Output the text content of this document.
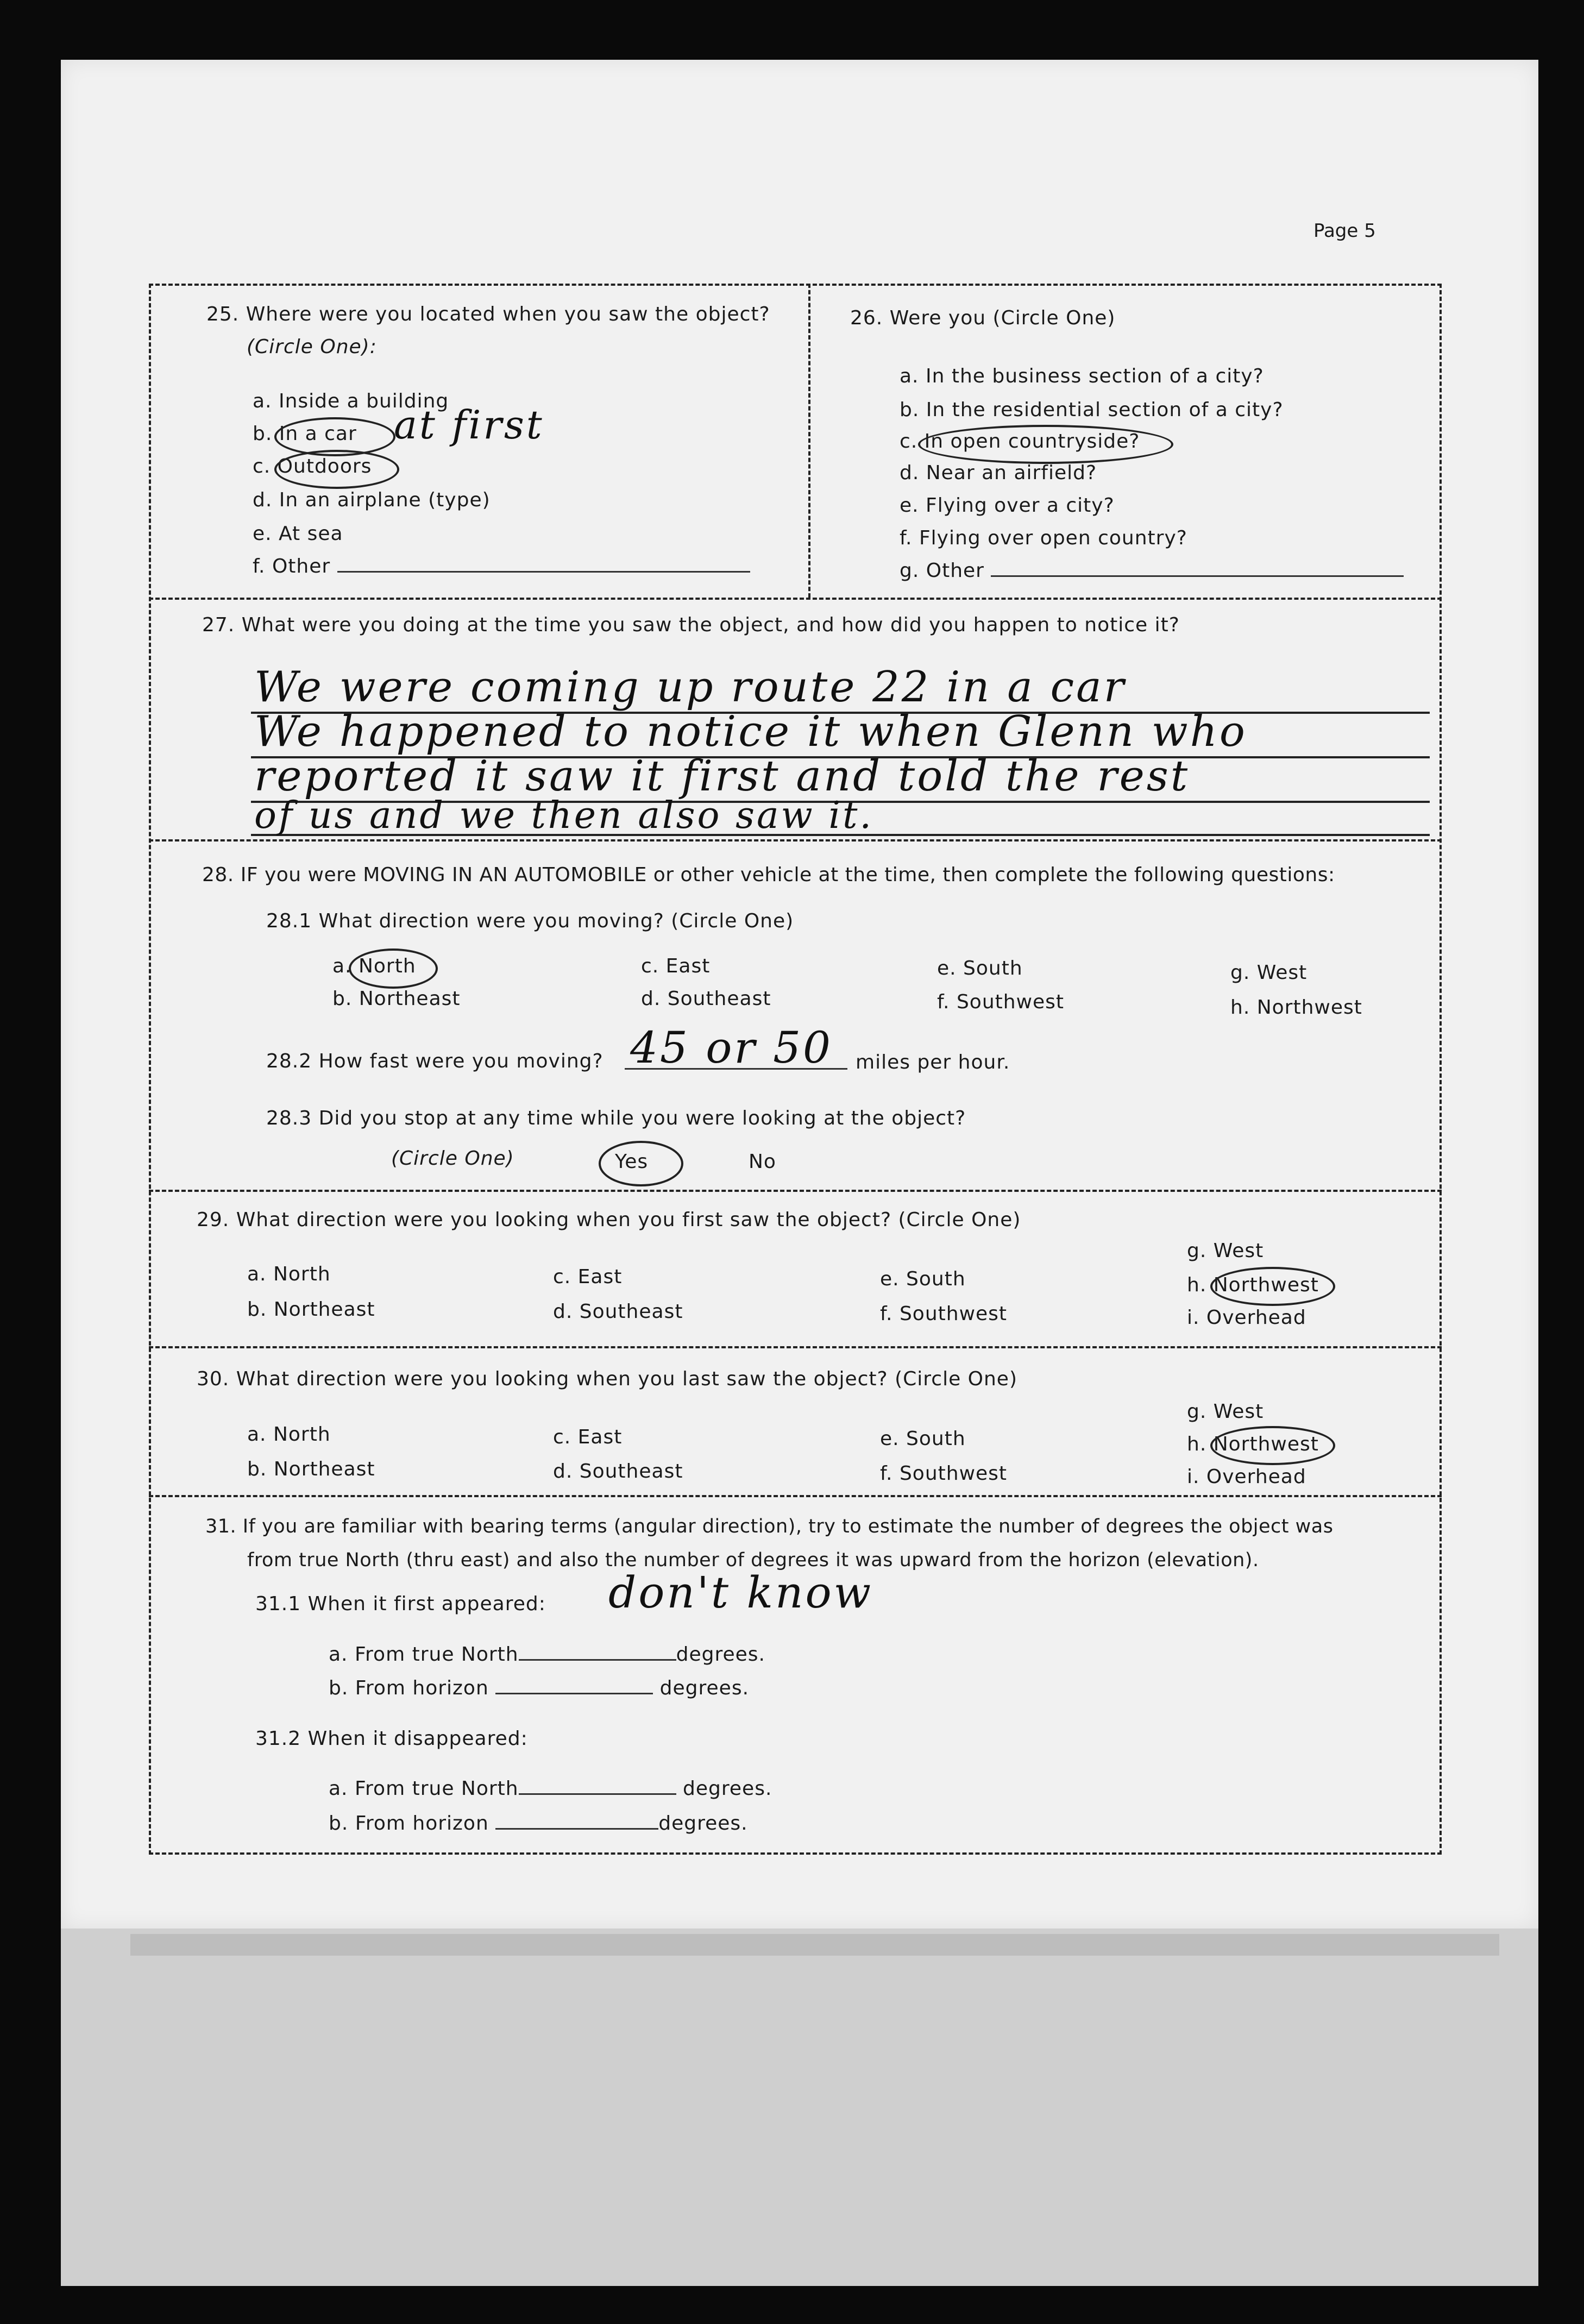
Page 5
25. Where were you located when you saw the object?
(Circle One):
a. Inside a building
b. In a car at first
c. Outdoors
d. In an airplane (type)
e. At sea
f. Other
26. Were you (Circle One)
a. In the business section of a city?
b. In the residential section of a city?
c. In open countryside?
d. Near an airfield?
e. Flying over a city?
f. Flying over open country?
g. Other
27. What were you doing at the time you saw the object, and how did you happen to notice it?
We were coming up route 22 in a car
We happened to notice it when Glenn who
reported it saw it first and told the rest
of us and we then also saw it.
28. IF you were MOVING IN AN AUTOMOBILE or other vehicle at the time, then complete the following questions:
28.1 What direction were you moving? (Circle One)
a. North
b. Northeast
c. East
d. Southeast
e. South
f. Southwest
g. West
h. Northwest
28.2 How fast were you moving? 45 or 50 miles per hour.
28.3 Did you stop at any time while you were looking at the object?
(Circle One)	Yes	No
29. What direction were you looking when you first saw the object? (Circle One)
a. North
b. Northeast
c. East
d. Southeast
e. South
f. Southwest
g. West
h. Northwest
i. Overhead
30. What direction were you looking when you last saw the object? (Circle One)
a. North
b. Northeast
c. East
d. Southeast
e. South
f. Southwest
g. West
h. Northwest
i. Overhead
31. If you are familiar with bearing terms (angular direction), try to estimate the number of degrees the object was
from true North (thru east) and also the number of degrees it was upward from the horizon (elevation).
31.1 When it first appeared: don't know
a. From true North	degrees.
b. From horizon	degrees.
31.2 When it disappeared:
a. From true North	degrees.
b. From horizon	degrees.
